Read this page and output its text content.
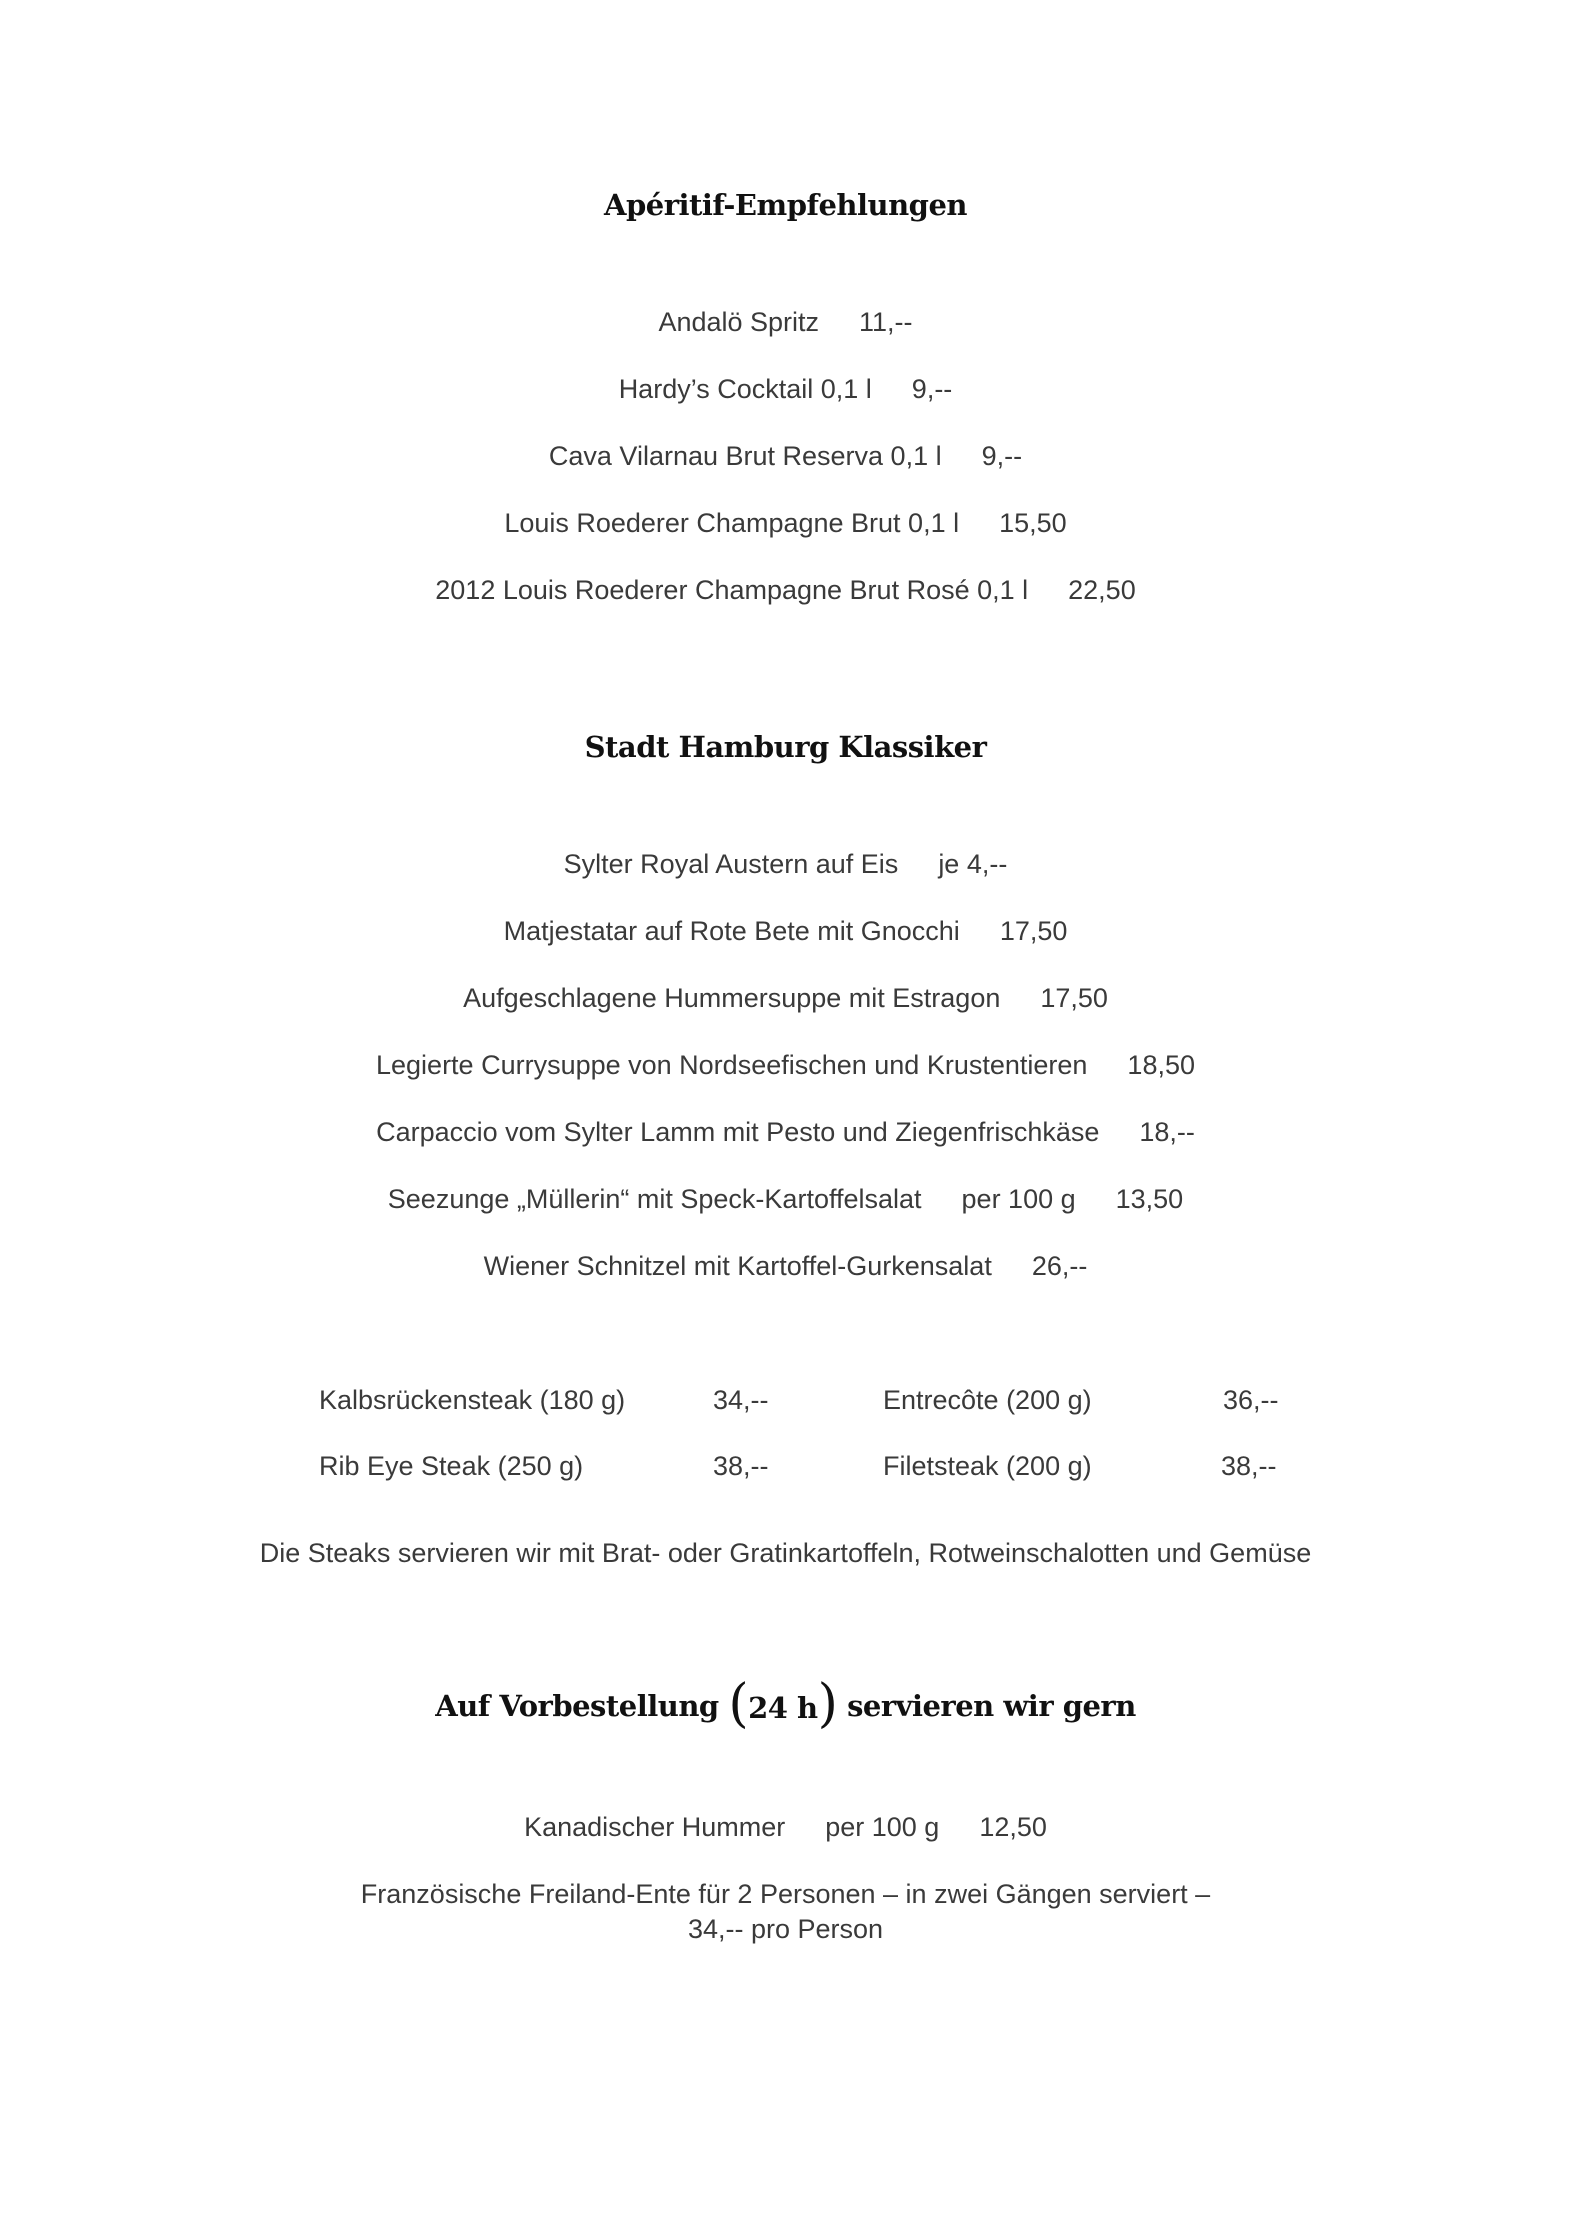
Apéritif-Empfehlungen
Andalö Spritz 11,--
Hardy’s Cocktail 0,1 l 9,--
Cava Vilarnau Brut Reserva 0,1 l 9,--
Louis Roederer Champagne Brut 0,1 l 15,50
2012 Louis Roederer Champagne Brut Rosé 0,1 l 22,50
Stadt Hamburg Klassiker
Sylter Royal Austern auf Eis je 4,--
Matjestatar auf Rote Bete mit Gnocchi 17,50
Aufgeschlagene Hummersuppe mit Estragon 17,50
Legierte Currysuppe von Nordseefischen und Krustentieren 18,50
Carpaccio vom Sylter Lamm mit Pesto und Ziegenfrischkäse 18,--
Seezunge „Müllerin“ mit Speck-Kartoffelsalat per 100 g 13,50
Wiener Schnitzel mit Kartoffel-Gurkensalat 26,--
Kalbsrückensteak (180 g)	34,--	Entrecôte (200 g)	36,--
Rib Eye Steak (250 g)	38,--	Filetsteak (200 g)	38,--
Die Steaks servieren wir mit Brat- oder Gratinkartoffeln, Rotweinschalotten und Gemüse
Auf Vorbestellung (24 h) servieren wir gern
Kanadischer Hummer per 100 g 12,50
Französische Freiland-Ente für 2 Personen – in zwei Gängen serviert –
34,-- pro Person
